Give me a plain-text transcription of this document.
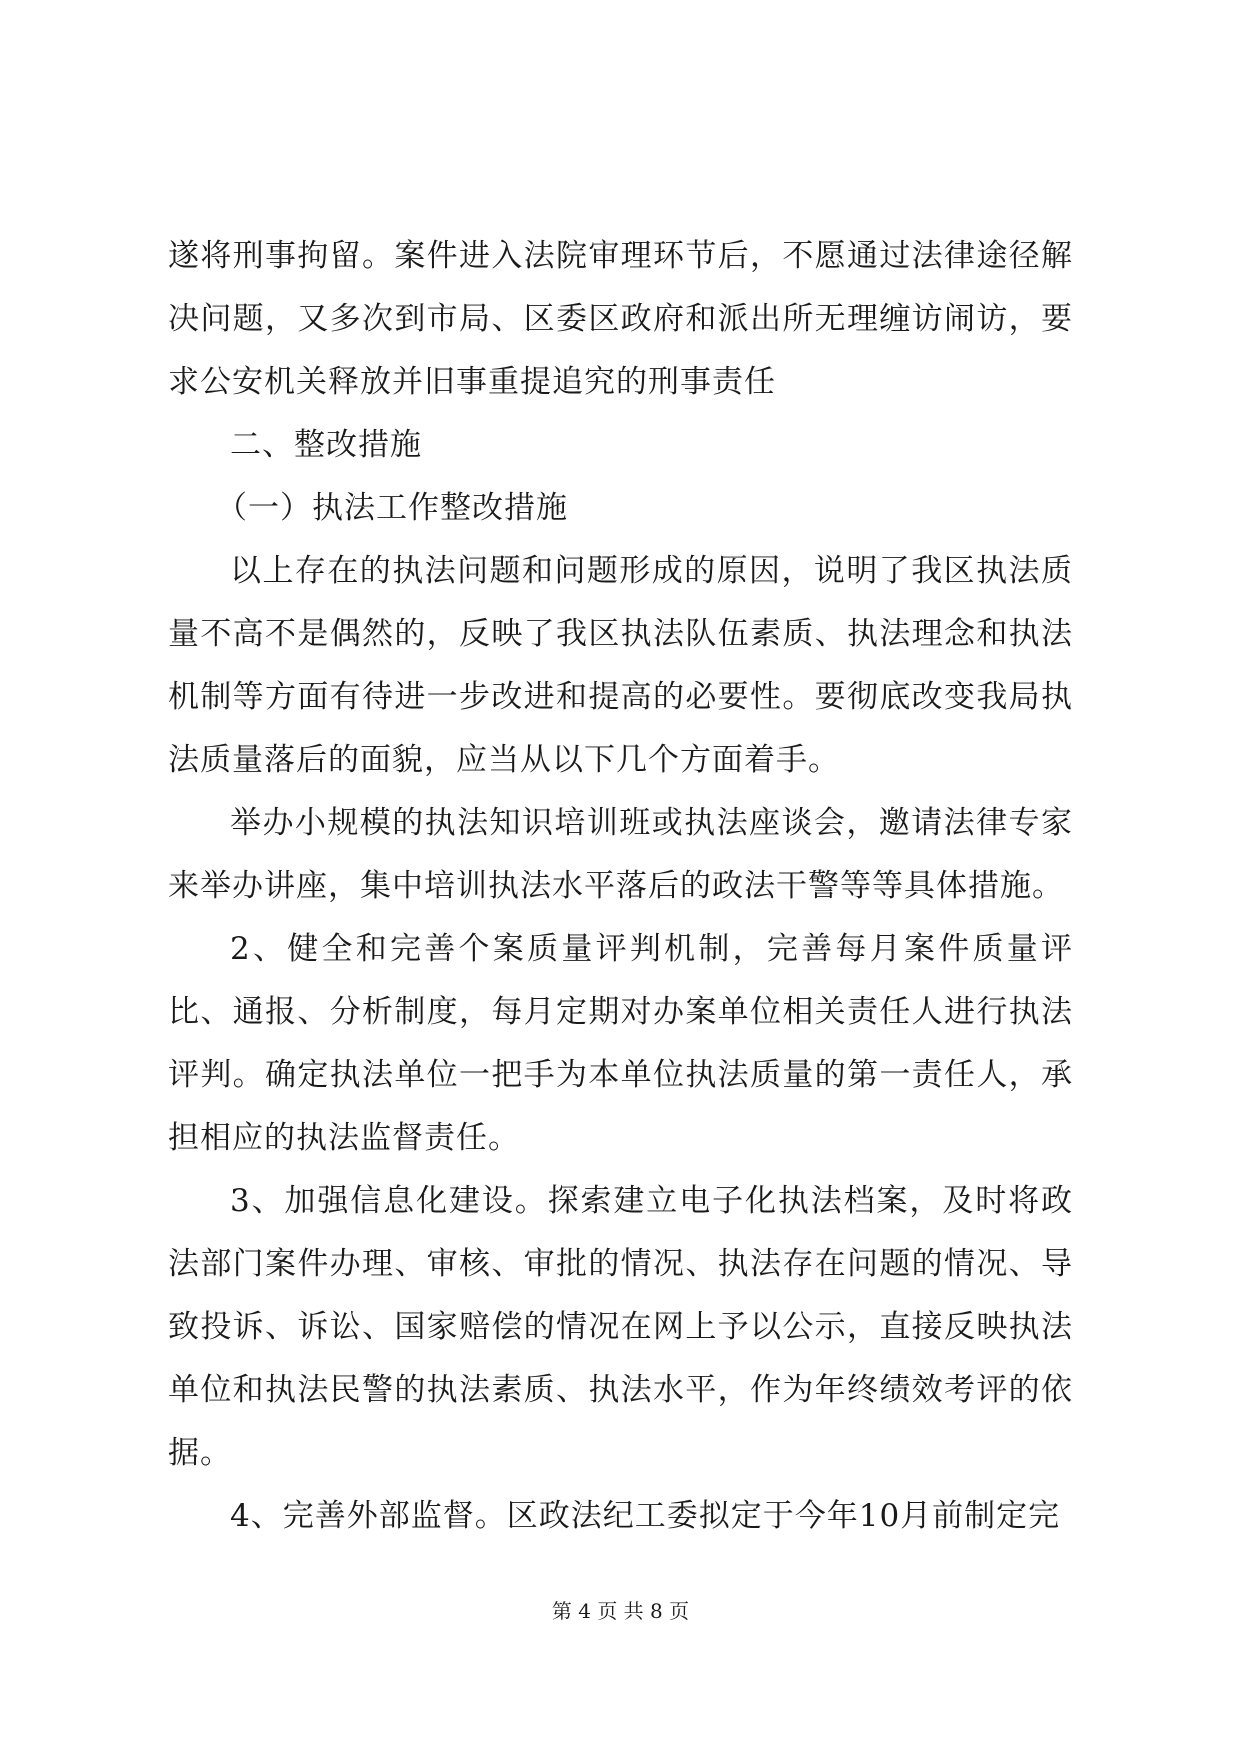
遂将刑事拘留。案件进入法院审理环节后，不愿通过法律途径解决问题，又多次到市局、区委区政府和派出所无理缠访闹访，要求公安机关释放并旧事重提追究的刑事责任

二、整改措施

（一）执法工作整改措施

以上存在的执法问题和问题形成的原因，说明了我区执法质量不高不是偶然的，反映了我区执法队伍素质、执法理念和执法机制等方面有待进一步改进和提高的必要性。要彻底改变我局执法质量落后的面貌，应当从以下几个方面着手。

举办小规模的执法知识培训班或执法座谈会，邀请法律专家来举办讲座，集中培训执法水平落后的政法干警等等具体措施。

2、健全和完善个案质量评判机制，完善每月案件质量评比、通报、分析制度，每月定期对办案单位相关责任人进行执法评判。确定执法单位一把手为本单位执法质量的第一责任人，承担相应的执法监督责任。

3、加强信息化建设。探索建立电子化执法档案，及时将政法部门案件办理、审核、审批的情况、执法存在问题的情况、导致投诉、诉讼、国家赔偿的情况在网上予以公示，直接反映执法单位和执法民警的执法素质、执法水平，作为年终绩效考评的依据。

4、完善外部监督。区政法纪工委拟定于今年10月前制定完

第 4 页 共 8 页
